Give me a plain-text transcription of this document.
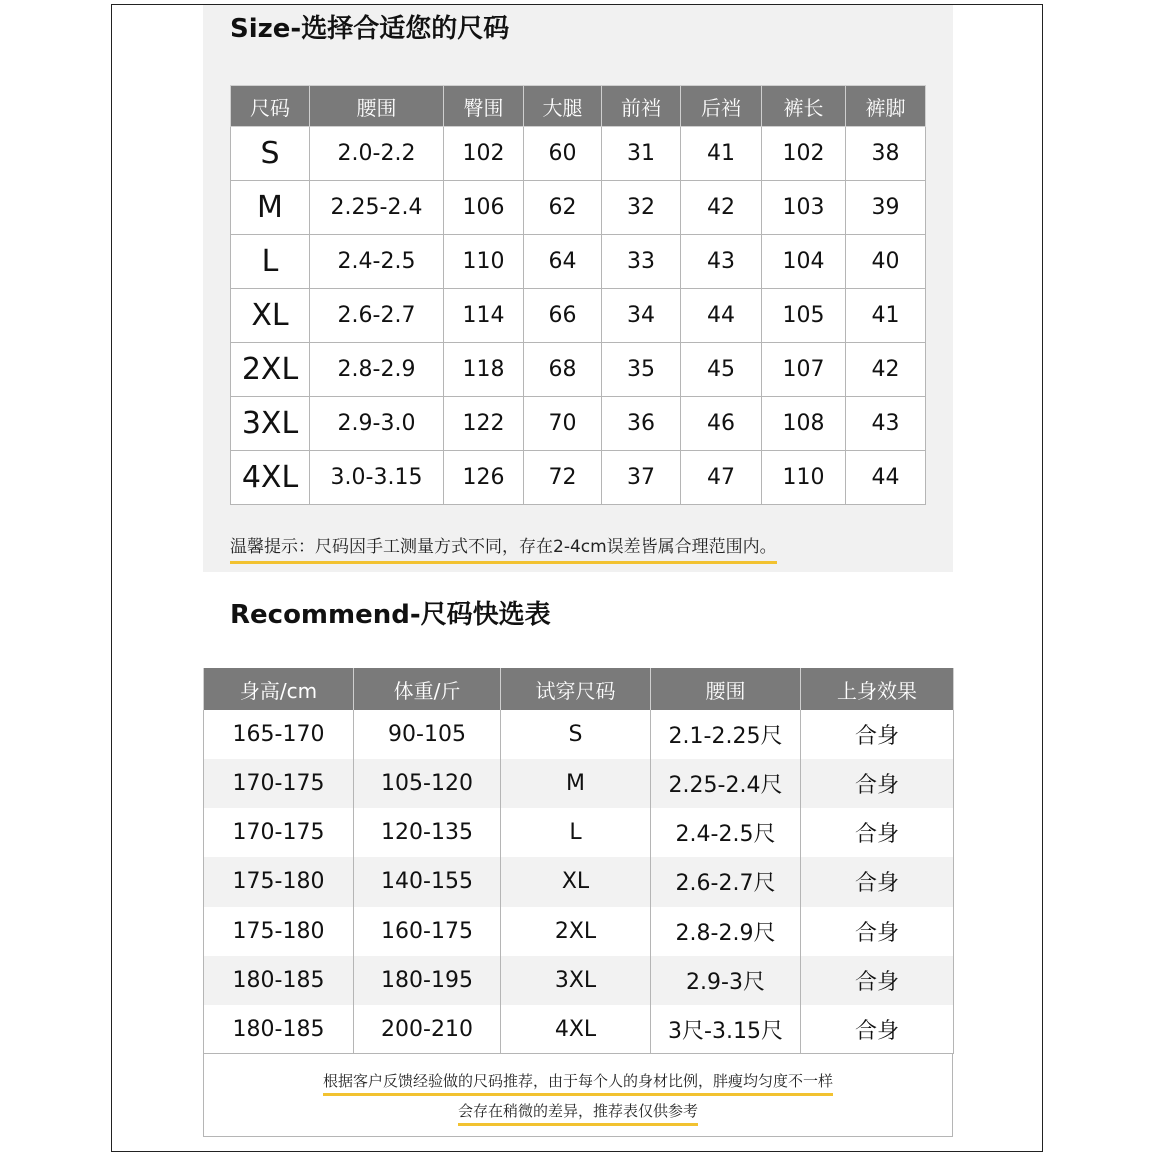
Size-选择合适您的尺码
尺码	腰围	臀围	大腿	前裆	后裆	裤长	裤脚
S	2.0-2.2	102	60	31	41	102	38
M	2.25-2.4	106	62	32	42	103	39
L	2.4-2.5	110	64	33	43	104	40
XL	2.6-2.7	114	66	34	44	105	41
2XL	2.8-2.9	118	68	35	45	107	42
3XL	2.9-3.0	122	70	36	46	108	43
4XL	3.0-3.15	126	72	37	47	110	44
温馨提示：尺码因手工测量方式不同，存在2-4cm误差皆属合理范围内。
Recommend-尺码快选表
身高/cm	体重/斤	试穿尺码	腰围	上身效果
165-170	90-105	S	2.1-2.25尺	合身
170-175	105-120	M	2.25-2.4尺	合身
170-175	120-135	L	2.4-2.5尺	合身
175-180	140-155	XL	2.6-2.7尺	合身
175-180	160-175	2XL	2.8-2.9尺	合身
180-185	180-195	3XL	2.9-3尺	合身
180-185	200-210	4XL	3尺-3.15尺	合身
根据客户反馈经验做的尺码推荐，由于每个人的身材比例，胖瘦均匀度不一样
会存在稍微的差异，推荐表仅供参考
